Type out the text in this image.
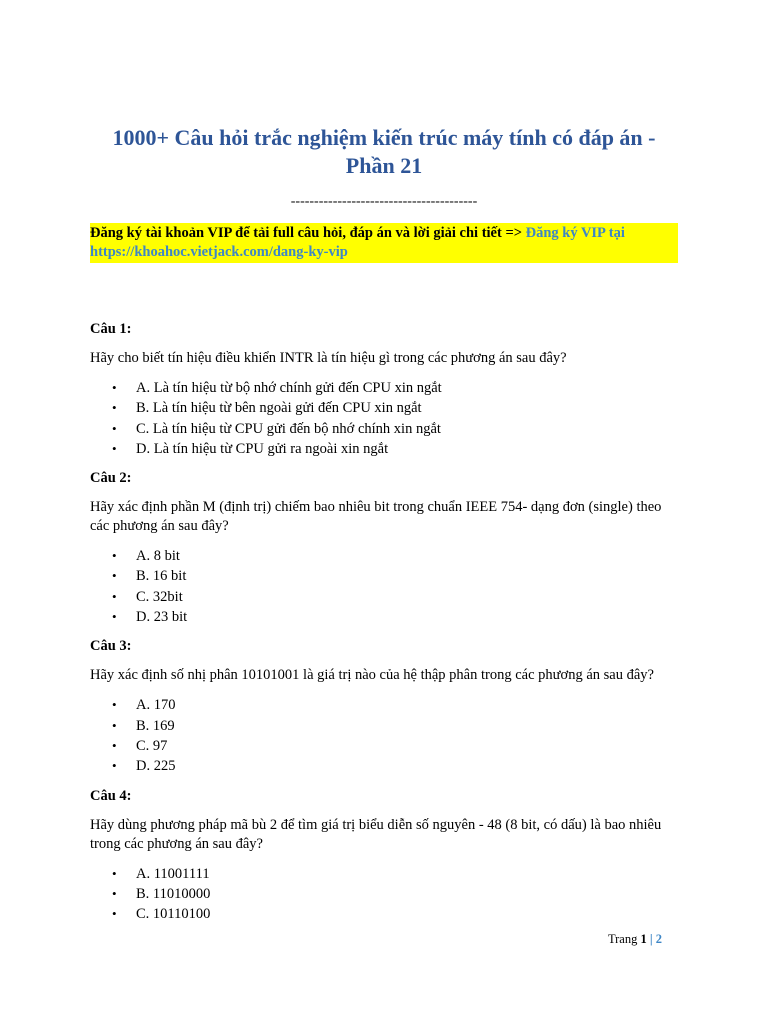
1000+ Câu hỏi trắc nghiệm kiến trúc máy tính có đáp án -
Phần 21
----------------------------------------
Đăng ký tài khoản VIP để tải full câu hỏi, đáp án và lời giải chi tiết => Đăng ký VIP tại https://khoahoc.vietjack.com/dang-ky-vip
Câu 1:
Hãy cho biết tín hiệu điều khiển INTR là tín hiệu gì trong các phương án sau đây?
• A. Là tín hiệu từ bộ nhớ chính gửi đến CPU xin ngắt
• B. Là tín hiệu từ bên ngoài gửi đến CPU xin ngắt
• C. Là tín hiệu từ CPU gửi đến bộ nhớ chính xin ngắt
• D. Là tín hiệu từ CPU gửi ra ngoài xin ngắt
Câu 2:
Hãy xác định phần M (định trị) chiếm bao nhiêu bit trong chuẩn IEEE 754- dạng đơn (single) theo các phương án sau đây?
• A. 8 bit
• B. 16 bit
• C. 32bit
• D. 23 bit
Câu 3:
Hãy xác định số nhị phân 10101001 là giá trị nào của hệ thập phân trong các phương án sau đây?
• A. 170
• B. 169
• C. 97
• D. 225
Câu 4:
Hãy dùng phương pháp mã bù 2 để tìm giá trị biểu diễn số nguyên - 48 (8 bit, có dấu) là bao nhiêu trong các phương án sau đây?
• A. 11001111
• B. 11010000
• C. 10110100
Trang 1 | 2
